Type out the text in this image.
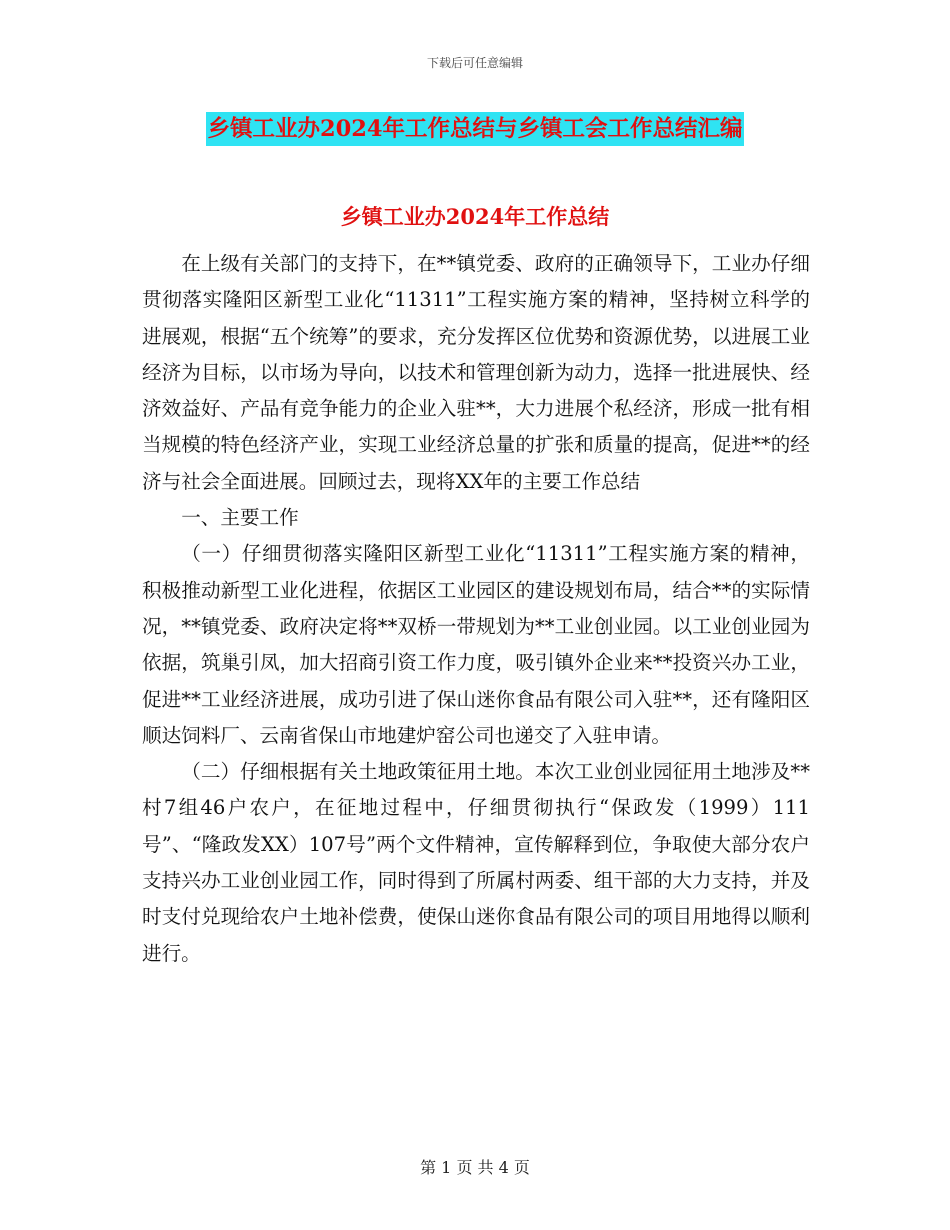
下载后可任意编辑
乡镇工业办2024年工作总结与乡镇工会工作总结汇编
乡镇工业办2024年工作总结

在上级有关部门的支持下，在**镇党委、政府的正确领导下，工业办仔细贯彻落实隆阳区新型工业化“11311”工程实施方案的精神，坚持树立科学的进展观，根据“五个统筹”的要求，充分发挥区位优势和资源优势，以进展工业经济为目标，以市场为导向，以技术和管理创新为动力，选择一批进展快、经济效益好、产品有竞争能力的企业入驻**，大力进展个私经济，形成一批有相当规模的特色经济产业，实现工业经济总量的扩张和质量的提高，促进**的经济与社会全面进展。回顾过去，现将XX年的主要工作总结

一、主要工作

（一）仔细贯彻落实隆阳区新型工业化“11311”工程实施方案的精神，积极推动新型工业化进程，依据区工业园区的建设规划布局，结合**的实际情况，**镇党委、政府决定将**双桥一带规划为**工业创业园。以工业创业园为依据，筑巢引凤，加大招商引资工作力度，吸引镇外企业来**投资兴办工业，促进**工业经济进展，成功引进了保山迷你食品有限公司入驻**，还有隆阳区顺达饲料厂、云南省保山市地建炉窑公司也递交了入驻申请。

（二）仔细根据有关土地政策征用土地。本次工业创业园征用土地涉及**村7组46户农户，在征地过程中，仔细贯彻执行“保政发（1999）111号”、“隆政发XX）107号”两个文件精神，宣传解释到位，争取使大部分农户支持兴办工业创业园工作，同时得到了所属村两委、组干部的大力支持，并及时支付兑现给农户土地补偿费，使保山迷你食品有限公司的项目用地得以顺利进行。

第 1 页 共 4 页
